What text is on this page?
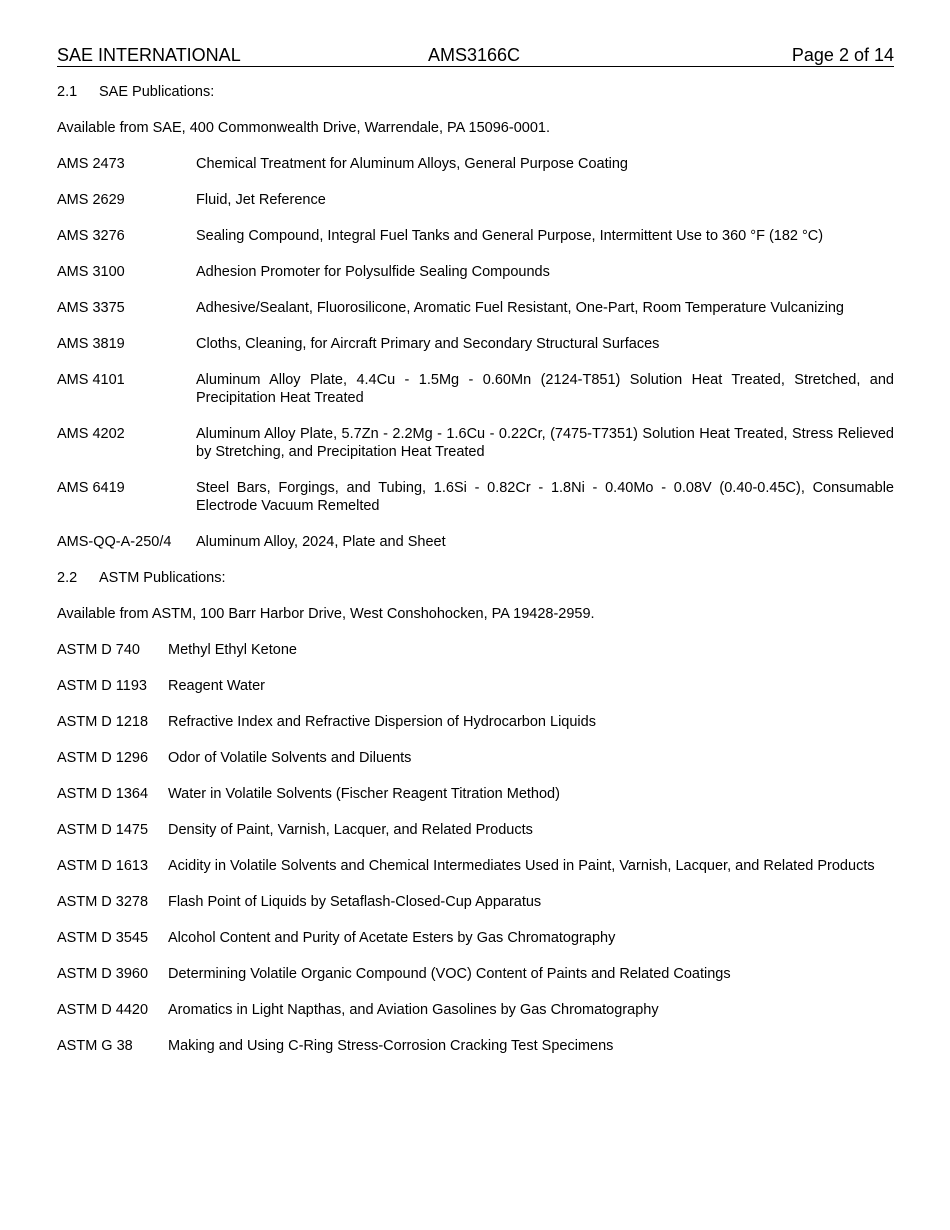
SAE INTERNATIONAL	AMS3166C	Page 2 of 14
2.1	SAE Publications:
Available from SAE, 400 Commonwealth Drive, Warrendale, PA 15096-0001.
AMS 2473	Chemical Treatment for Aluminum Alloys, General Purpose Coating
AMS 2629	Fluid, Jet Reference
AMS 3276	Sealing Compound, Integral Fuel Tanks and General Purpose, Intermittent Use to 360 °F (182 °C)
AMS 3100	Adhesion Promoter for Polysulfide Sealing Compounds
AMS 3375	Adhesive/Sealant, Fluorosilicone, Aromatic Fuel Resistant, One-Part, Room Temperature Vulcanizing
AMS 3819	Cloths, Cleaning, for Aircraft Primary and Secondary Structural Surfaces
AMS 4101	Aluminum Alloy Plate, 4.4Cu - 1.5Mg - 0.60Mn (2124-T851) Solution Heat Treated, Stretched, and Precipitation Heat Treated
AMS 4202	Aluminum Alloy Plate, 5.7Zn - 2.2Mg - 1.6Cu - 0.22Cr, (7475-T7351) Solution Heat Treated, Stress Relieved by Stretching, and Precipitation Heat Treated
AMS 6419	Steel Bars, Forgings, and Tubing, 1.6Si - 0.82Cr - 1.8Ni - 0.40Mo - 0.08V (0.40-0.45C), Consumable Electrode Vacuum Remelted
AMS-QQ-A-250/4	Aluminum Alloy, 2024, Plate and Sheet
2.2	ASTM Publications:
Available from ASTM, 100 Barr Harbor Drive, West Conshohocken, PA 19428-2959.
ASTM D 740	Methyl Ethyl Ketone
ASTM D 1193	Reagent Water
ASTM D 1218	Refractive Index and Refractive Dispersion of Hydrocarbon Liquids
ASTM D 1296	Odor of Volatile Solvents and Diluents
ASTM D 1364	Water in Volatile Solvents (Fischer Reagent Titration Method)
ASTM D 1475	Density of Paint, Varnish, Lacquer, and Related Products
ASTM D 1613	Acidity in Volatile Solvents and Chemical Intermediates Used in Paint, Varnish, Lacquer, and Related Products
ASTM D 3278	Flash Point of Liquids by Setaflash-Closed-Cup Apparatus
ASTM D 3545	Alcohol Content and Purity of Acetate Esters by Gas Chromatography
ASTM D 3960	Determining Volatile Organic Compound (VOC) Content of Paints and Related Coatings
ASTM D 4420	Aromatics in Light Napthas, and Aviation Gasolines by Gas Chromatography
ASTM G 38	Making and Using C-Ring Stress-Corrosion Cracking Test Specimens
